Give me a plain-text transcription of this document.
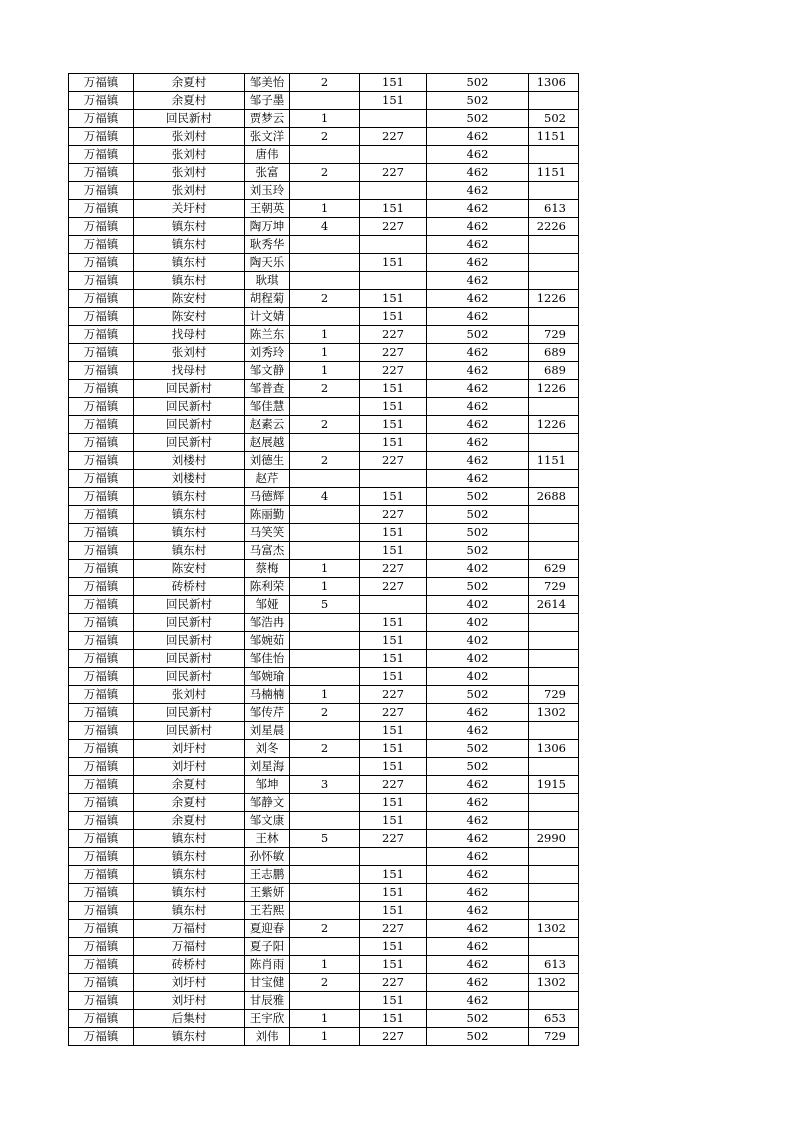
万福镇	余夏村	邹美怡	2	151	502	1306
万福镇	余夏村	邹子墨		151	502	
万福镇	回民新村	贾梦云	1		502	502
万福镇	张刘村	张文洋	2	227	462	1151
万福镇	张刘村	唐伟			462	
万福镇	张刘村	张富	2	227	462	1151
万福镇	张刘村	刘玉玲			462	
万福镇	关圩村	王朝英	1	151	462	613
万福镇	镇东村	陶万坤	4	227	462	2226
万福镇	镇东村	耿秀华			462	
万福镇	镇东村	陶天乐		151	462	
万福镇	镇东村	耿琪			462	
万福镇	陈安村	胡程菊	2	151	462	1226
万福镇	陈安村	计文婧		151	462	
万福镇	找母村	陈兰东	1	227	502	729
万福镇	张刘村	刘秀玲	1	227	462	689
万福镇	找母村	邹文静	1	227	462	689
万福镇	回民新村	邹普查	2	151	462	1226
万福镇	回民新村	邹佳慧		151	462	
万福镇	回民新村	赵素云	2	151	462	1226
万福镇	回民新村	赵展越		151	462	
万福镇	刘楼村	刘德生	2	227	462	1151
万福镇	刘楼村	赵芹			462	
万福镇	镇东村	马德辉	4	151	502	2688
万福镇	镇东村	陈丽勤		227	502	
万福镇	镇东村	马笑笑		151	502	
万福镇	镇东村	马富杰		151	502	
万福镇	陈安村	蔡梅	1	227	402	629
万福镇	砖桥村	陈利荣	1	227	502	729
万福镇	回民新村	邹娅	5		402	2614
万福镇	回民新村	邹浩冉		151	402	
万福镇	回民新村	邹婉茹		151	402	
万福镇	回民新村	邹佳怡		151	402	
万福镇	回民新村	邹婉瑜		151	402	
万福镇	张刘村	马楠楠	1	227	502	729
万福镇	回民新村	邹传芹	2	227	462	1302
万福镇	回民新村	刘星晨		151	462	
万福镇	刘圩村	刘冬	2	151	502	1306
万福镇	刘圩村	刘星海		151	502	
万福镇	余夏村	邹坤	3	227	462	1915
万福镇	余夏村	邹静文		151	462	
万福镇	余夏村	邹文康		151	462	
万福镇	镇东村	王林	5	227	462	2990
万福镇	镇东村	孙怀敏			462	
万福镇	镇东村	王志鹏		151	462	
万福镇	镇东村	王紫妍		151	462	
万福镇	镇东村	王若熙		151	462	
万福镇	万福村	夏迎春	2	227	462	1302
万福镇	万福村	夏子阳		151	462	
万福镇	砖桥村	陈肖雨	1	151	462	613
万福镇	刘圩村	甘宝健	2	227	462	1302
万福镇	刘圩村	甘辰雅		151	462	
万福镇	后集村	王宇欣	1	151	502	653
万福镇	镇东村	刘伟	1	227	502	729
